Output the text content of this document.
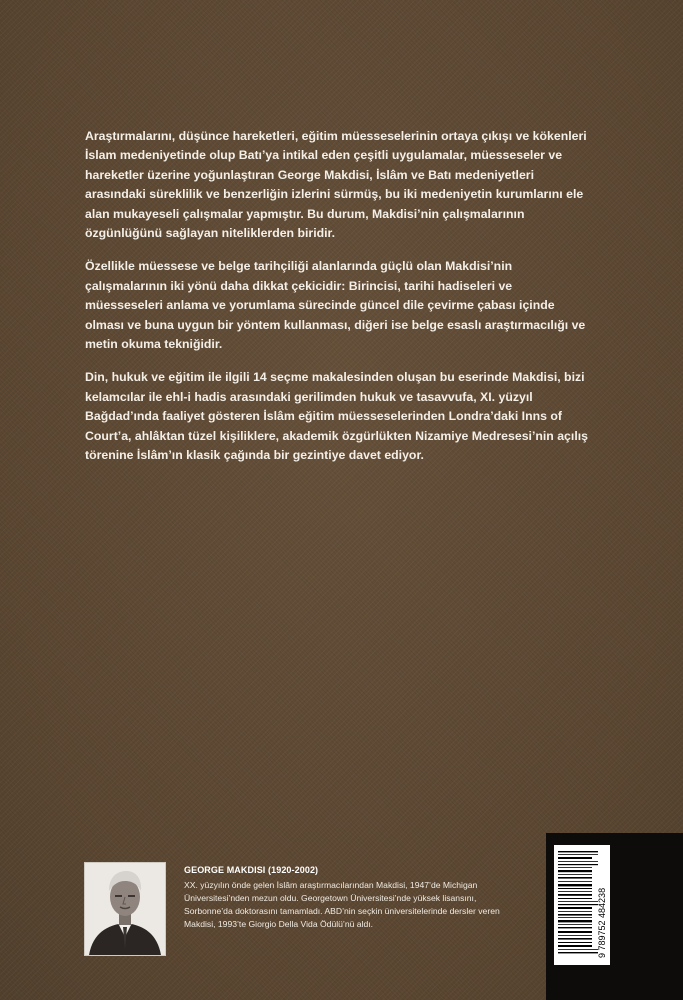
Araştırmalarını, düşünce hareketleri, eğitim müesseselerinin ortaya çıkışı ve kökenleri İslam medeniyetinde olup Batı’ya intikal eden çeşitli uygulamalar, müesseseler ve hareketler üzerine yoğunlaştıran George Makdisi, İslâm ve Batı medeniyetleri arasındaki süreklilik ve benzerliğin izlerini sürmüş, bu iki medeniyetin kurumlarını ele alan mukayeseli çalışmalar yapmıştır. Bu durum, Makdisi’nin çalışmalarının özgünlüğünü sağlayan niteliklerden biridir.

Özellikle müessese ve belge tarihçiliği alanlarında güçlü olan Makdisi’nin çalışmalarının iki yönü daha dikkat çekicidir: Birincisi, tarihi hadiseleri ve müesseseleri anlama ve yorumlama sürecinde güncel dile çevirme çabası içinde olması ve buna uygun bir yöntem kullanması, diğeri ise belge esaslı araştırmacılığı ve metin okuma tekniğidir.

Din, hukuk ve eğitim ile ilgili 14 seçme makalesinden oluşan bu eserinde Makdisi, bizi kelamcılar ile ehl-i hadis arasındaki gerilimden hukuk ve tasavvufa, XI. yüzyıl Bağdad’ında faaliyet gösteren İslâm eğitim müesseselerinden Londra’daki Inns of Court’a, ahlâktan tüzel kişiliklere, akademik özgürlükten Nizamiye Medresesi’nin açılış törenine İslâm’ın klasik çağında bir gezintiye davet ediyor.

GEORGE MAKDISI (1920-2002)
XX. yüzyılın önde gelen İslâm araştırmacılarından Makdisi, 1947’de Michigan Üniversitesi’nden mezun oldu. Georgetown Üniversitesi’nde yüksek lisansını, Sorbonne’da doktorasını tamamladı. ABD’nin seçkin üniversitelerinde dersler veren Makdisi, 1993’te Giorgio Della Vida Ödülü’nü aldı.	9 789752 484238
